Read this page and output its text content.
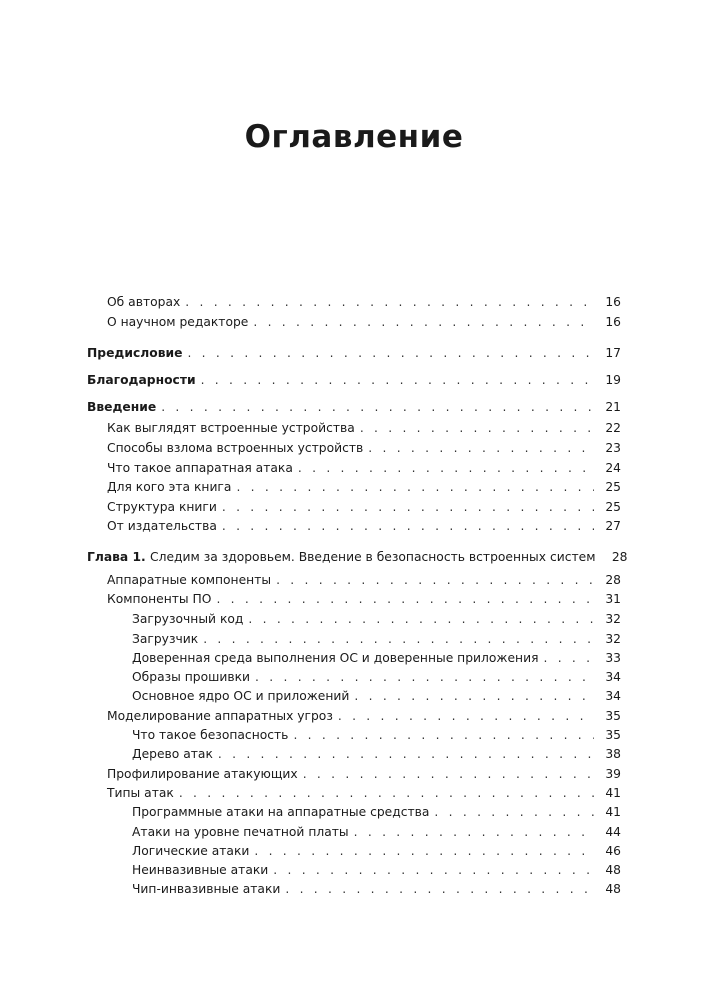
Оглавление
Об авторах . . .	16
О научном редакторе . . .	16
Предисловие . . .	17
Благодарности . . .	19
Введение . . .	21
Как выглядят встроенные устройства . . .	22
Способы взлома встроенных устройств . . .	23
Что такое аппаратная атака . . .	24
Для кого эта книга . . .	25
Структура книги . . .	25
От издательства . . .	27
Глава 1. Следим за здоровьем. Введение в безопасность встроенных систем	28
Аппаратные компоненты . . .	28
Компоненты ПО . . .	31
Загрузочный код . . .	32
Загрузчик . . .	32
Доверенная среда выполнения ОС и доверенные приложения . . .	33
Образы прошивки . . .	34
Основное ядро ОС и приложений . . .	34
Моделирование аппаратных угроз . . .	35
Что такое безопасность . . .	35
Дерево атак . . .	38
Профилирование атакующих . . .	39
Типы атак . . .	41
Программные атаки на аппаратные средства . . .	41
Атаки на уровне печатной платы . . .	44
Логические атаки . . .	46
Неинвазивные атаки . . .	48
Чип-инвазивные атаки . . .	48
